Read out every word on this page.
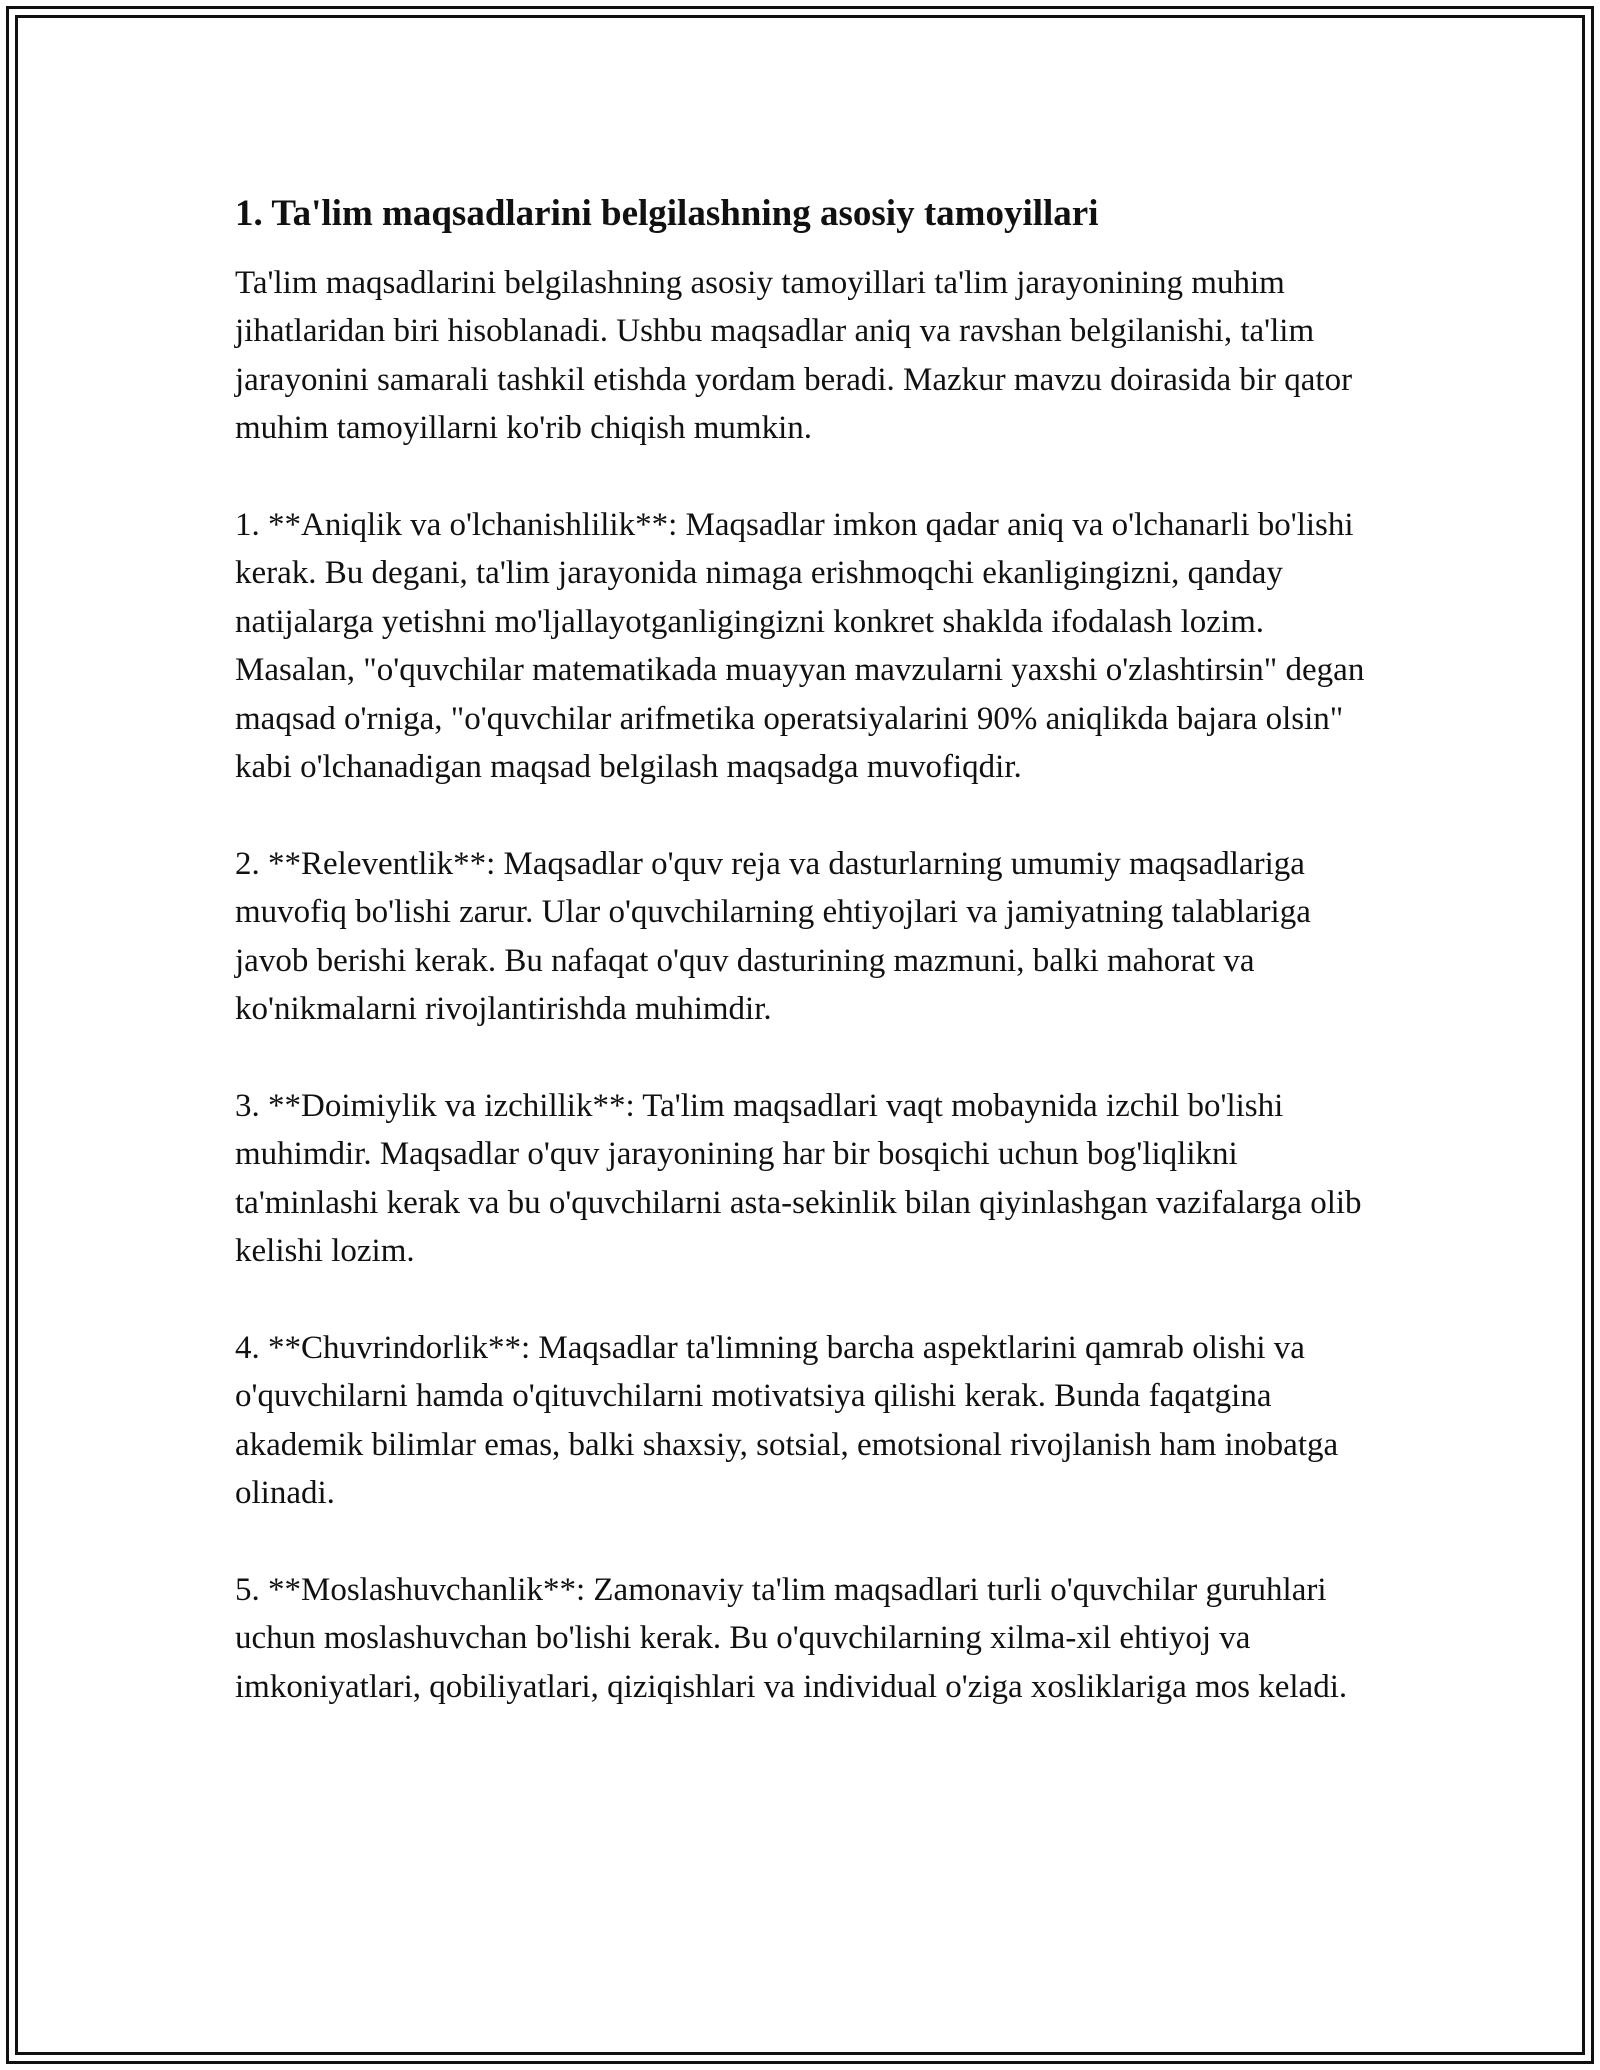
1. Ta'lim maqsadlarini belgilashning asosiy tamoyillari

Ta'lim maqsadlarini belgilashning asosiy tamoyillari ta'lim jarayonining muhim jihatlaridan biri hisoblanadi. Ushbu maqsadlar aniq va ravshan belgilanishi, ta'lim jarayonini samarali tashkil etishda yordam beradi. Mazkur mavzu doirasida bir qator muhim tamoyillarni ko'rib chiqish mumkin.

1. **Aniqlik va o'lchanishlilik**: Maqsadlar imkon qadar aniq va o'lchanarli bo'lishi kerak. Bu degani, ta'lim jarayonida nimaga erishmoqchi ekanligingizni, qanday natijalarga yetishni mo'ljallayotganligingizni konkret shaklda ifodalash lozim. Masalan, "o'quvchilar matematikada muayyan mavzularni yaxshi o'zlashtirsin" degan maqsad o'rniga, "o'quvchilar arifmetika operatsiyalarini 90% aniqlikda bajara olsin" kabi o'lchanadigan maqsad belgilash maqsadga muvofiqdir.

2. **Releventlik**: Maqsadlar o'quv reja va dasturlarning umumiy maqsadlariga muvofiq bo'lishi zarur. Ular o'quvchilarning ehtiyojlari va jamiyatning talablariga javob berishi kerak. Bu nafaqat o'quv dasturining mazmuni, balki mahorat va ko'nikmalarni rivojlantirishda muhimdir.

3. **Doimiylik va izchillik**: Ta'lim maqsadlari vaqt mobaynida izchil bo'lishi muhimdir. Maqsadlar o'quv jarayonining har bir bosqichi uchun bog'liqlikni ta'minlashi kerak va bu o'quvchilarni asta-sekinlik bilan qiyinlashgan vazifalarga olib kelishi lozim.

4. **Chuvrindorlik**: Maqsadlar ta'limning barcha aspektlarini qamrab olishi va o'quvchilarni hamda o'qituvchilarni motivatsiya qilishi kerak. Bunda faqatgina akademik bilimlar emas, balki shaxsiy, sotsial, emotsional rivojlanish ham inobatga olinadi.

5. **Moslashuvchanlik**: Zamonaviy ta'lim maqsadlari turli o'quvchilar guruhlari uchun moslashuvchan bo'lishi kerak. Bu o'quvchilarning xilma-xil ehtiyoj va imkoniyatlari, qobiliyatlari, qiziqishlari va individual o'ziga xosliklariga mos keladi.
